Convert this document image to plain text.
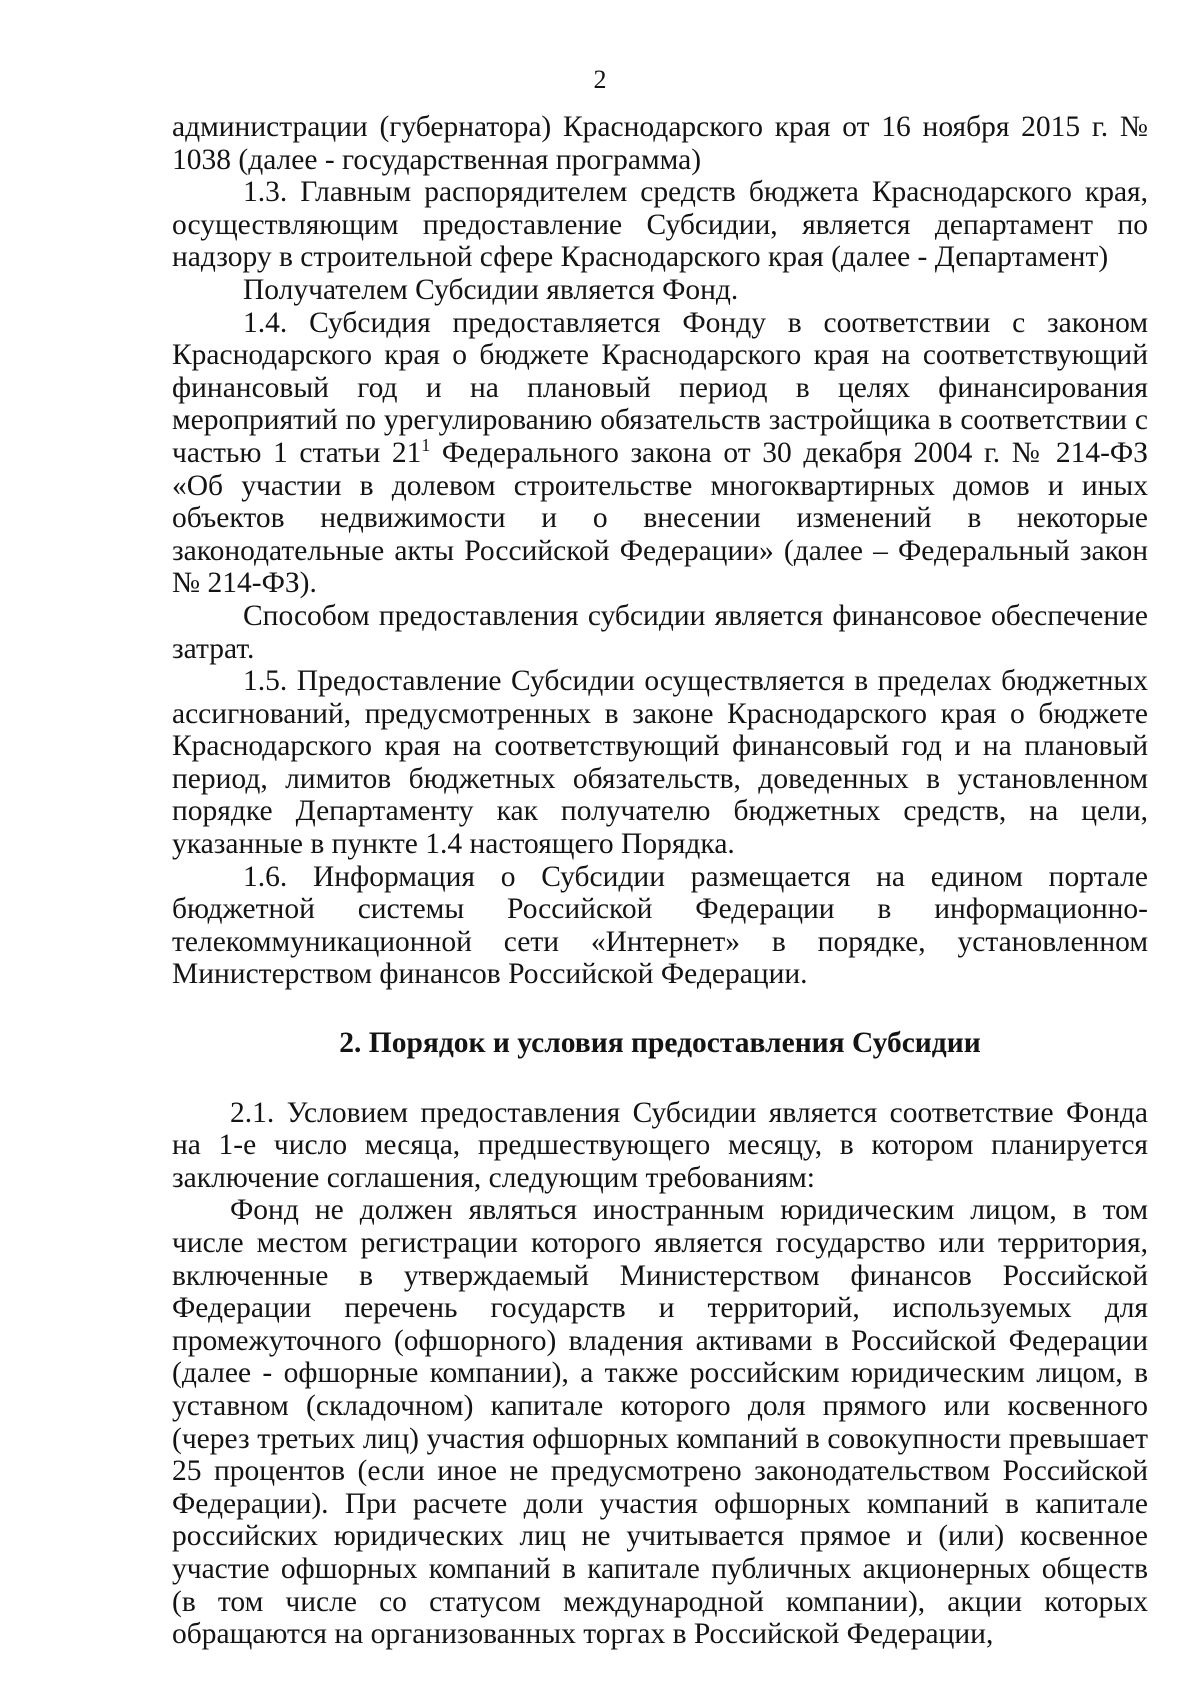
2

администрации (губернатора) Краснодарского края от 16 ноября 2015 г. № 1038 (далее - государственная программа)

1.3. Главным распорядителем средств бюджета Краснодарского края, осуществляющим предоставление Субсидии, является департамент по надзору в строительной сфере Краснодарского края (далее - Департамент)

Получателем Субсидии является Фонд.

1.4. Субсидия предоставляется Фонду в соответствии с законом Краснодарского края о бюджете Краснодарского края на соответствующий финансовый год и на плановый период в целях финансирования мероприятий по урегулированию обязательств застройщика в соответствии с частью 1 статьи $21^1$ Федерального закона от 30 декабря 2004 г. № 214-ФЗ «Об участии в долевом строительстве многоквартирных домов и иных объектов недвижимости и о внесении изменений в некоторые законодательные акты Российской Федерации» (далее – Федеральный закон № 214-ФЗ).

Способом предоставления субсидии является финансовое обеспечение затрат.

1.5. Предоставление Субсидии осуществляется в пределах бюджетных ассигнований, предусмотренных в законе Краснодарского края о бюджете Краснодарского края на соответствующий финансовый год и на плановый период, лимитов бюджетных обязательств, доведенных в установленном порядке Департаменту как получателю бюджетных средств, на цели, указанные в пункте 1.4 настоящего Порядка.

1.6. Информация о Субсидии размещается на едином портале бюджетной системы Российской Федерации в информационно-телекоммуникационной сети «Интернет» в порядке, установленном Министерством финансов Российской Федерации.

2. Порядок и условия предоставления Субсидии

2.1. Условием предоставления Субсидии является соответствие Фонда на 1-е число месяца, предшествующего месяцу, в котором планируется заключение соглашения, следующим требованиям:

Фонд не должен являться иностранным юридическим лицом, в том числе местом регистрации которого является государство или территория, включенные в утверждаемый Министерством финансов Российской Федерации перечень государств и территорий, используемых для промежуточного (офшорного) владения активами в Российской Федерации (далее - офшорные компании), а также российским юридическим лицом, в уставном (складочном) капитале которого доля прямого или косвенного (через третьих лиц) участия офшорных компаний в совокупности превышает 25 процентов (если иное не предусмотрено законодательством Российской Федерации). При расчете доли участия офшорных компаний в капитале российских юридических лиц не учитывается прямое и (или) косвенное участие офшорных компаний в капитале публичных акционерных обществ (в том числе со статусом международной компании), акции которых обращаются на организованных торгах в Российской Федерации,
